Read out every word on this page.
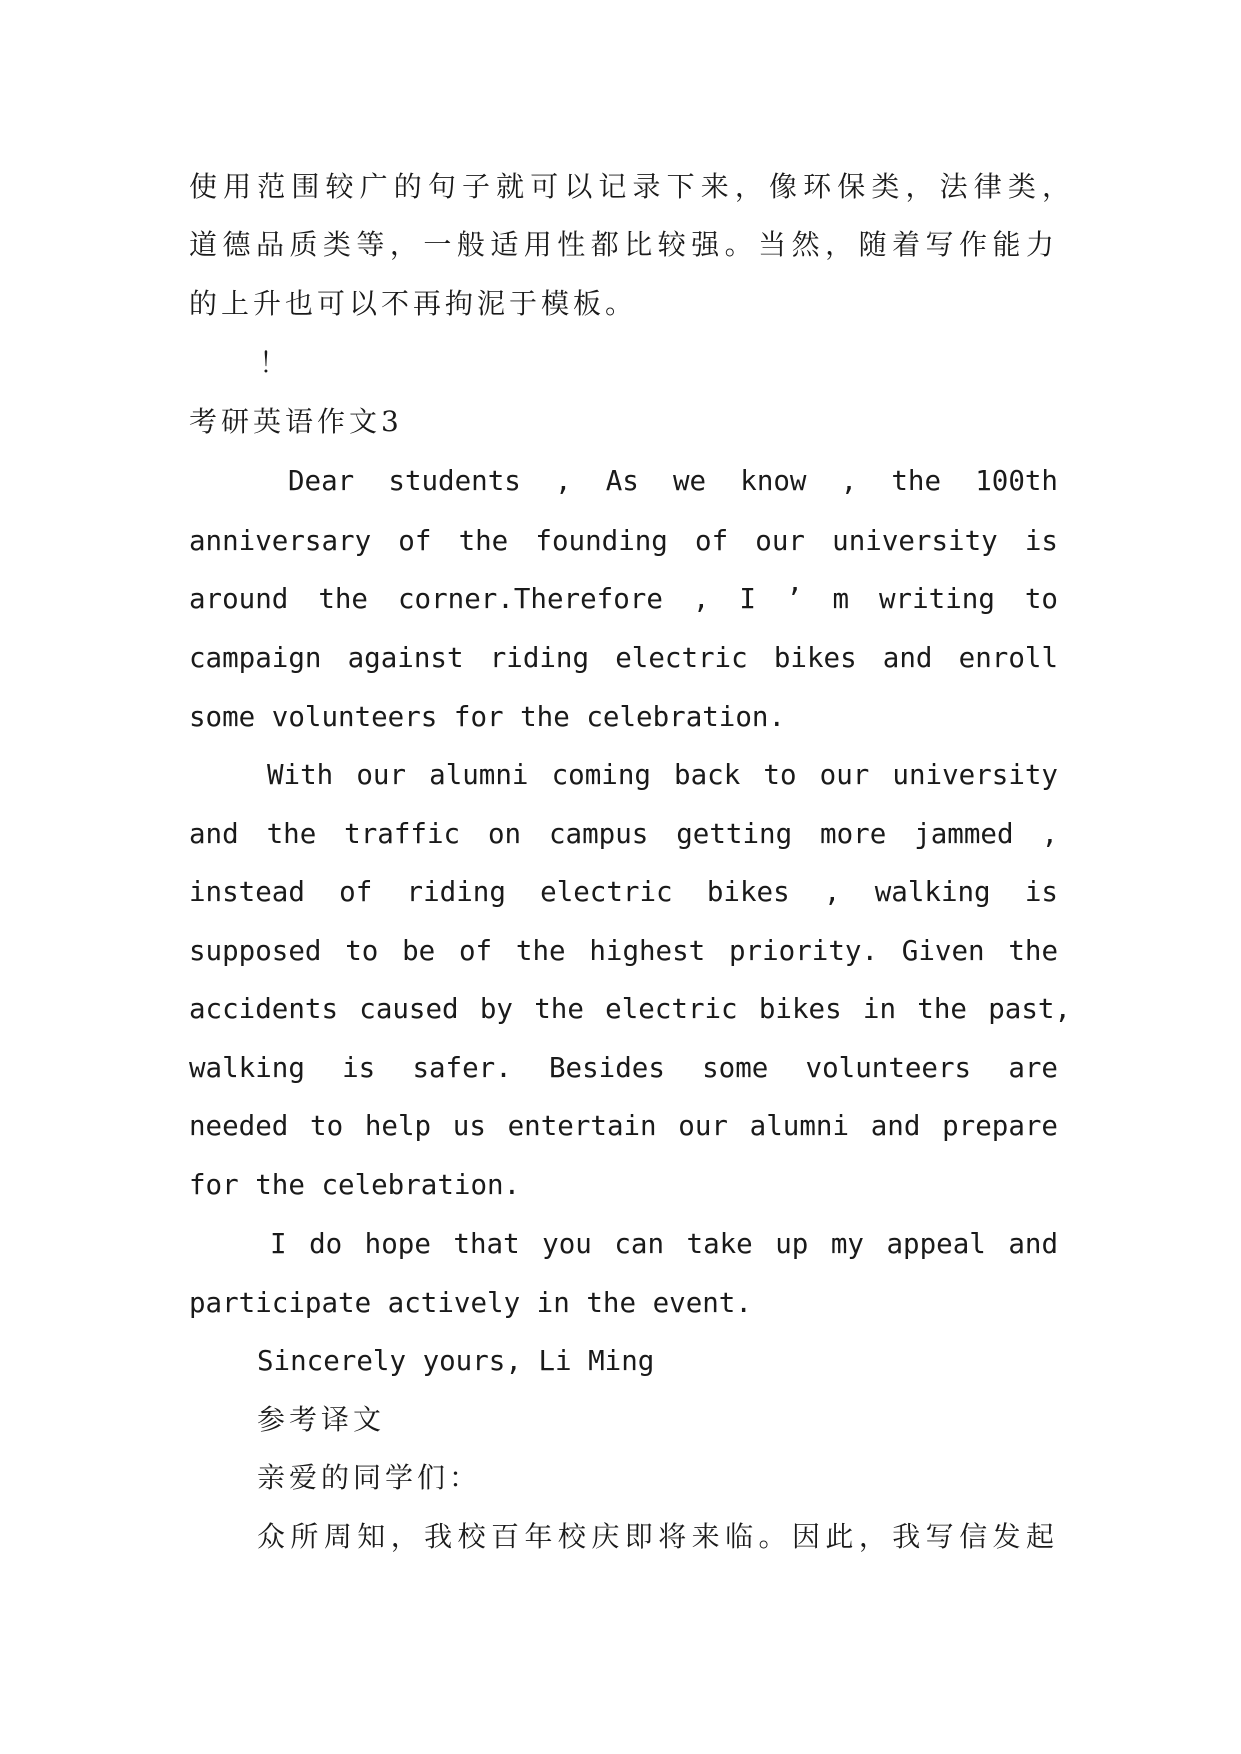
使用范围较广的句子就可以记录下来，像环保类，法律类，
道德品质类等，一般适用性都比较强。当然，随着写作能力
的上升也可以不再拘泥于模板。
！
考研英语作文3
Dear students , As we know , the 100th
anniversary of the founding of our university is
around the corner.Therefore , I ’ m writing to
campaign against riding electric bikes and enroll
some volunteers for the celebration.
With our alumni coming back to our university
and the traffic on campus getting more jammed ,
instead of riding electric bikes , walking is
supposed to be of the highest priority. Given the
accidents caused by the electric bikes in the past,
walking is safer. Besides some volunteers are
needed to help us entertain our alumni and prepare
for the celebration.
I do hope that you can take up my appeal and
participate actively in the event.
Sincerely yours, Li Ming
参考译文
亲爱的同学们：
众所周知，我校百年校庆即将来临。因此，我写信发起
